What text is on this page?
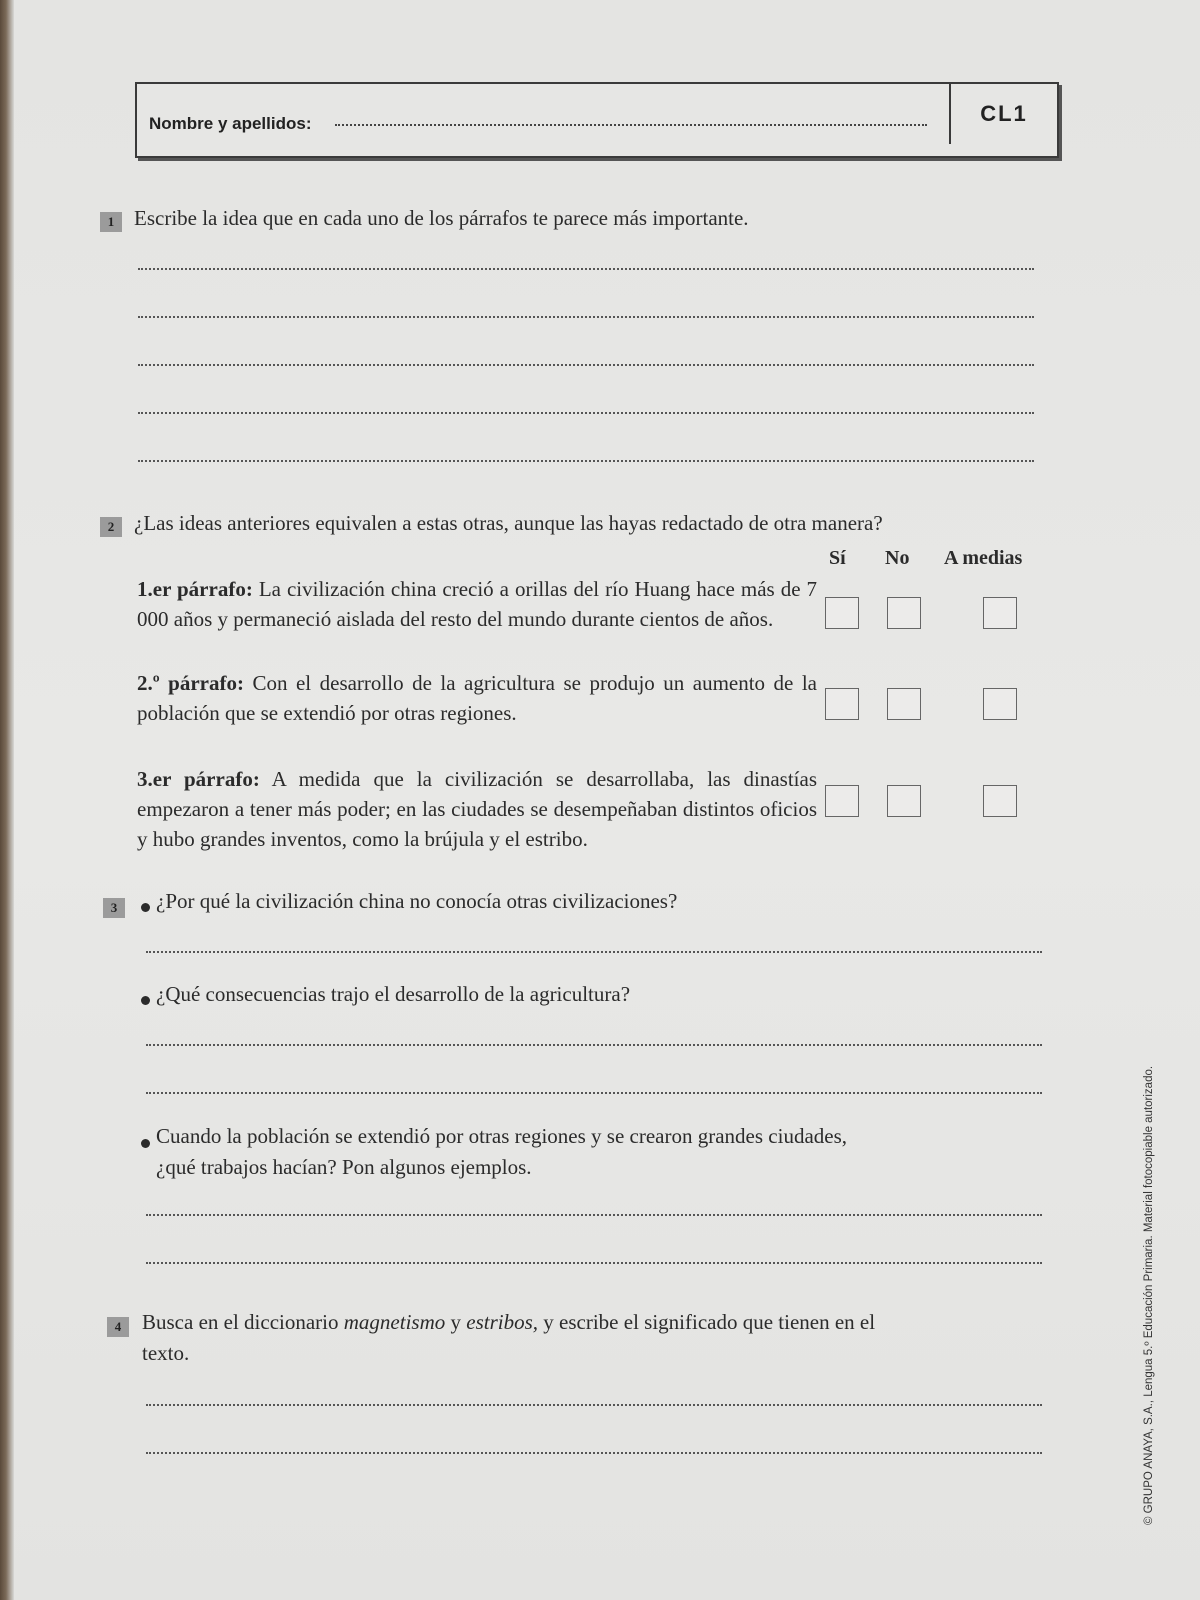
Nombre y apellidos:	CL1
1 Escribe la idea que en cada uno de los párrafos te parece más importante.
2 ¿Las ideas anteriores equivalen a estas otras, aunque las hayas redactado de otra manera?
Sí No A medias
1.er párrafo: La civilización china creció a orillas del río Huang hace más de 7 000 años y permaneció aislada del resto del mundo durante cientos de años.
2.º párrafo: Con el desarrollo de la agricultura se produjo un aumento de la población que se extendió por otras regiones.
3.er párrafo: A medida que la civilización se desarrollaba, las dinastías empezaron a tener más poder; en las ciudades se desempeñaban distintos oficios y hubo grandes inventos, como la brújula y el estribo.
3	¿Por qué la civilización china no conocía otras civilizaciones?
¿Qué consecuencias trajo el desarrollo de la agricultura?
Cuando la población se extendió por otras regiones y se crearon grandes ciudades,
¿qué trabajos hacían? Pon algunos ejemplos.
4 Busca en el diccionario magnetismo y estribos, y escribe el significado que tienen en el
texto.	© GRUPO ANAYA, S.A., Lengua 5.º Educación Primaria. Material fotocopiable autorizado.
